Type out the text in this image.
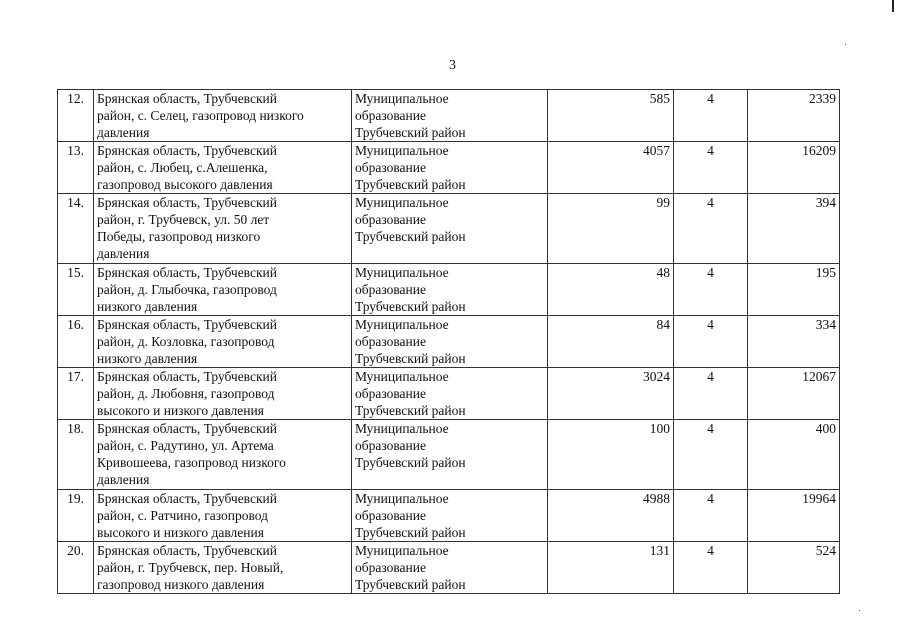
3
12.	Брянская область, Трубчевский
район, с. Селец, газопровод низкого
давления	Муниципальное
образование
Трубчевский район	585	4	2339
13.	Брянская область, Трубчевский
район, с. Любец, с.Алешенка,
газопровод высокого давления	Муниципальное
образование
Трубчевский район	4057	4	16209
14.	Брянская область, Трубчевский
район, г. Трубчевск, ул. 50 лет
Победы, газопровод низкого
давления	Муниципальное
образование
Трубчевский район	99	4	394
15.	Брянская область, Трубчевский
район, д. Глыбочка, газопровод
низкого давления	Муниципальное
образование
Трубчевский район	48	4	195
16.	Брянская область, Трубчевский
район, д. Козловка, газопровод
низкого давления	Муниципальное
образование
Трубчевский район	84	4	334
17.	Брянская область, Трубчевский
район, д. Любовня, газопровод
высокого и низкого давления	Муниципальное
образование
Трубчевский район	3024	4	12067
18.	Брянская область, Трубчевский
район, с. Радутино, ул. Артема
Кривошеева, газопровод низкого
давления	Муниципальное
образование
Трубчевский район	100	4	400
19.	Брянская область, Трубчевский
район, с. Ратчино, газопровод
высокого и низкого давления	Муниципальное
образование
Трубчевский район	4988	4	19964
20.	Брянская область, Трубчевский
район, г. Трубчевск, пер. Новый,
газопровод низкого давления	Муниципальное
образование
Трубчевский район	131	4	524
